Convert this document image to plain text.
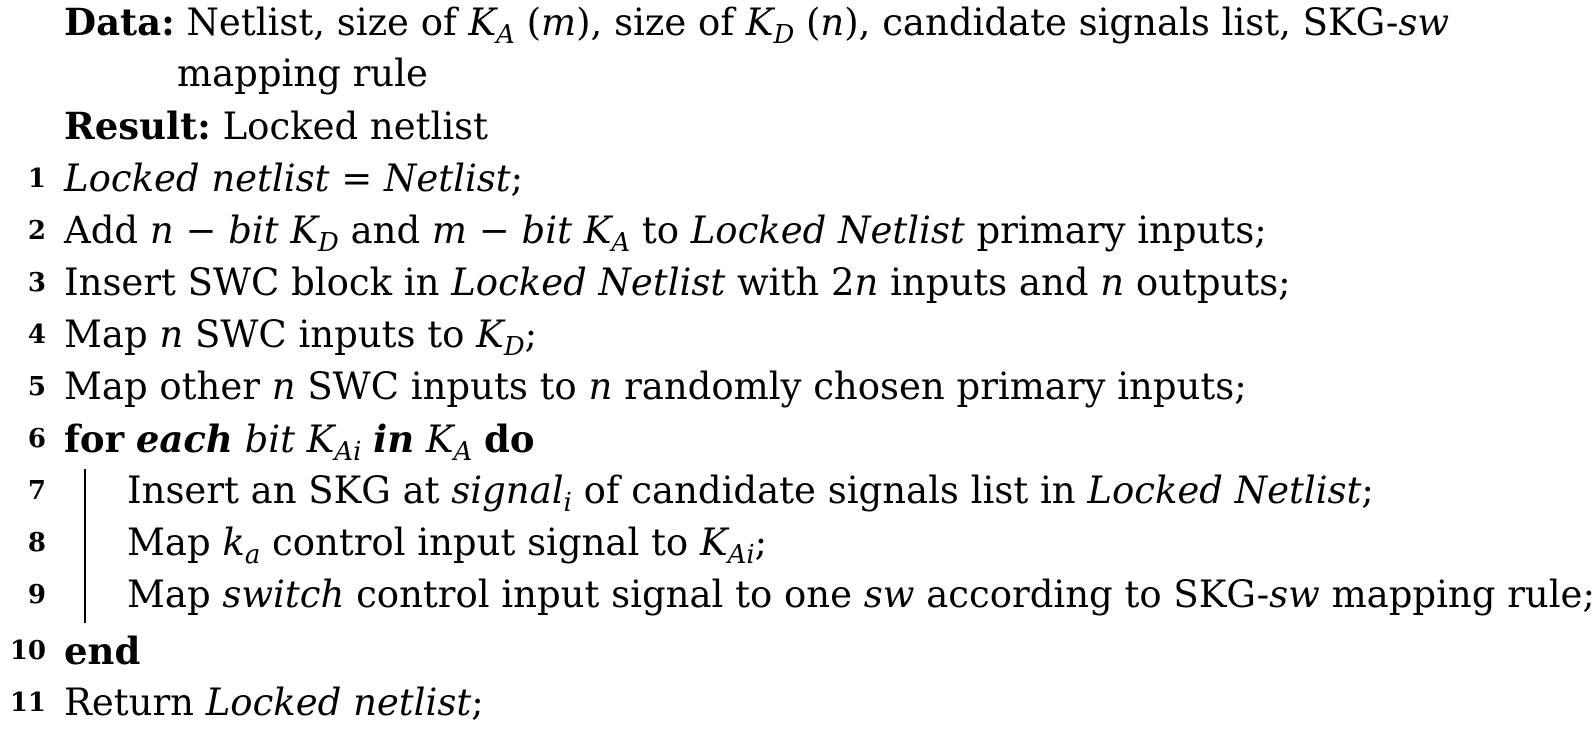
Data: Netlist, size of $K_A$ (m), size of $K_D$ (n), candidate signals list, SKG-sw
mapping rule
Result: Locked netlist
1 Locked netlist = Netlist;
2 Add n − bit $K_D$ and m − bit $K_A$ to Locked Netlist primary inputs;
3 Insert SWC block in Locked Netlist with 2n inputs and n outputs;
4 Map n SWC inputs to $K_D$;
5 Map other n SWC inputs to n randomly chosen primary inputs;
6 for each bit $K_{Ai}$ in $K_A$ do
7 Insert an SKG at signal$_i$ of candidate signals list in Locked Netlist;
8 Map $k_a$ control input signal to $K_{Ai}$;
9 Map switch control input signal to one sw according to SKG-sw mapping rule;
10 end
11 Return Locked netlist;
